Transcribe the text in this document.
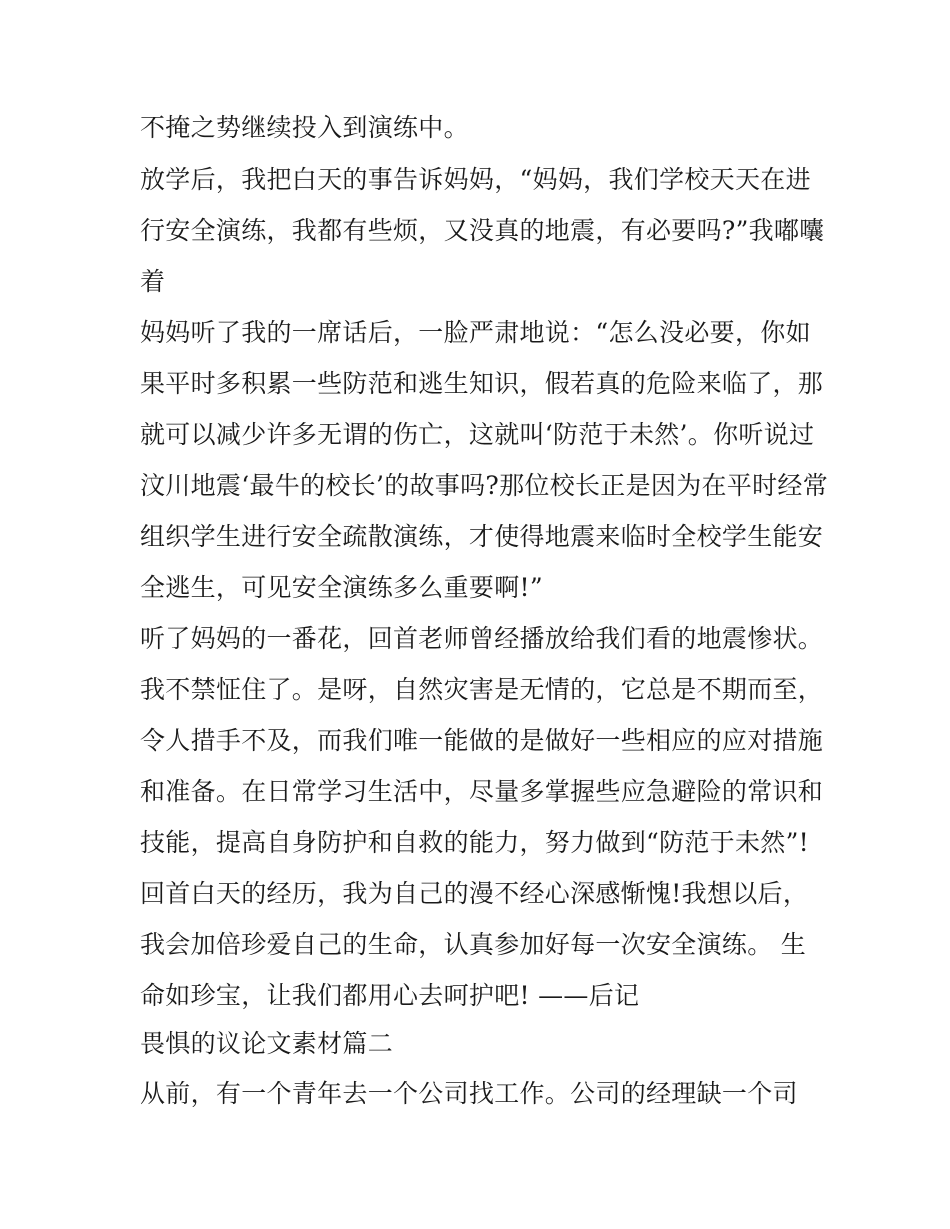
不掩之势继续投入到演练中。
放学后，我把白天的事告诉妈妈，“妈妈，我们学校天天在进
行安全演练，我都有些烦，又没真的地震，有必要吗?”我嘟囔
着
妈妈听了我的一席话后，一脸严肃地说：“怎么没必要，你如
果平时多积累一些防范和逃生知识，假若真的危险来临了，那
就可以减少许多无谓的伤亡，这就叫‘防范于未然’。你听说过
汶川地震‘最牛的校长’的故事吗?那位校长正是因为在平时经常
组织学生进行安全疏散演练，才使得地震来临时全校学生能安
全逃生，可见安全演练多么重要啊!”
听了妈妈的一番花，回首老师曾经播放给我们看的地震惨状。
我不禁怔住了。是呀，自然灾害是无情的，它总是不期而至，
令人措手不及，而我们唯一能做的是做好一些相应的应对措施
和准备。在日常学习生活中，尽量多掌握些应急避险的常识和
技能，提高自身防护和自救的能力，努力做到“防范于未然”!
回首白天的经历，我为自己的漫不经心深感惭愧!我想以后，
我会加倍珍爱自己的生命，认真参加好每一次安全演练。 生
命如珍宝，让我们都用心去呵护吧! ——后记
畏惧的议论文素材篇二
从前，有一个青年去一个公司找工作。公司的经理缺一个司
